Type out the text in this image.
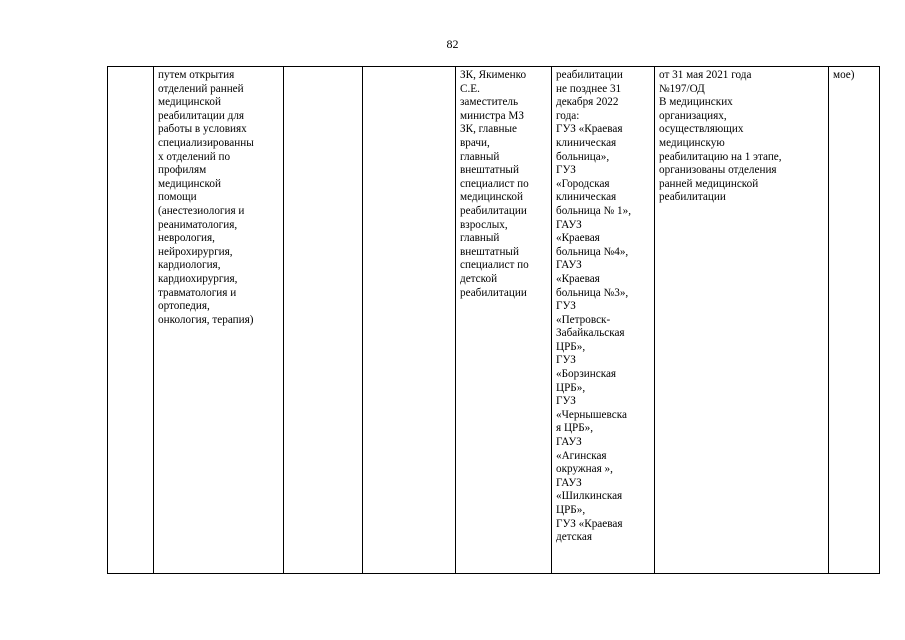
82
путем открытия
отделений ранней
медицинской
реабилитации для
работы в условиях
специализированны
х отделений по
профилям
медицинской
помощи
(анестезиология и
реаниматология,
неврология,
нейрохирургия,
кардиология,
кардиохирургия,
травматология и
ортопедия,
онкология, терапия)
ЗК, Якименко
С.Е.
заместитель
министра МЗ
ЗК, главные
врачи,
главный
внештатный
специалист по
медицинской
реабилитации
взрослых,
главный
внештатный
специалист по
детской
реабилитации
реабилитации
не позднее 31
декабря 2022
года:
ГУЗ «Краевая
клиническая
больница»,
ГУЗ
«Городская
клиническая
больница № 1»,
ГАУЗ
«Краевая
больница №4»,
ГАУЗ
«Краевая
больница №3»,
ГУЗ
«Петровск-
Забайкальская
ЦРБ»,
ГУЗ
«Борзинская
ЦРБ»,
ГУЗ
«Чернышевска
я ЦРБ»,
ГАУЗ
«Агинская
окружная »,
ГАУЗ
«Шилкинская
ЦРБ»,
ГУЗ «Краевая
детская
от 31 мая 2021 года
№197/ОД
В медицинских
организациях,
осуществляющих
медицинскую
реабилитацию на 1 этапе,
организованы отделения
ранней медицинской
реабилитации
мое)
